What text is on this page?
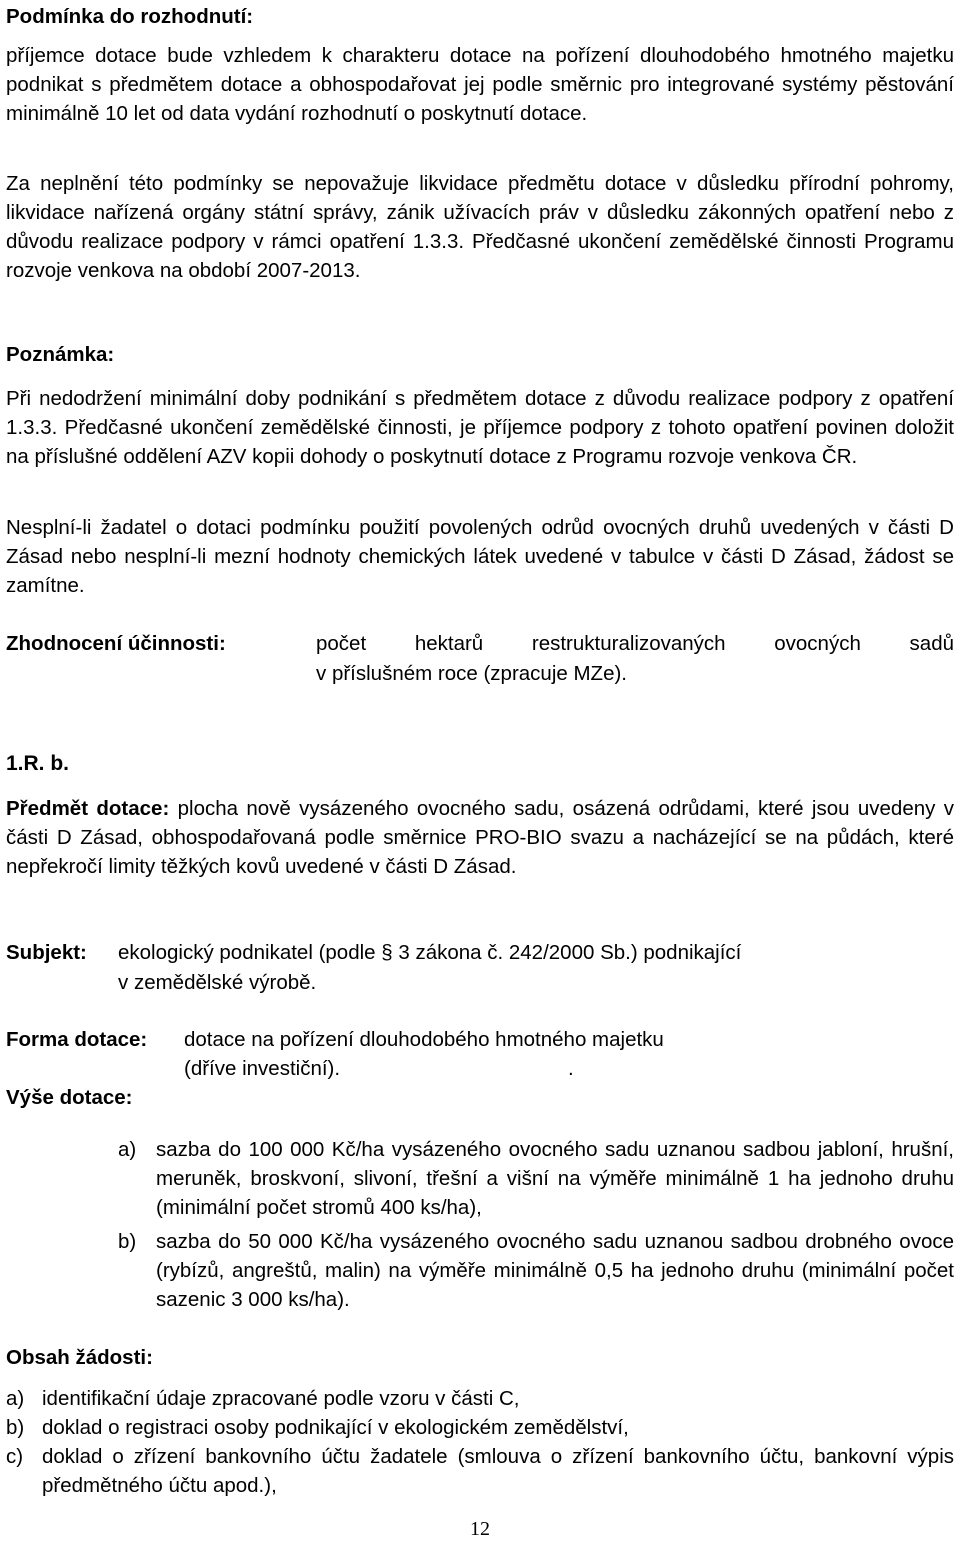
Podmínka do rozhodnutí:
příjemce dotace bude vzhledem k charakteru dotace na pořízení dlouhodobého hmotného majetku podnikat s předmětem dotace a obhospodařovat jej podle směrnic pro integrované systémy pěstování minimálně 10 let od data vydání rozhodnutí o poskytnutí dotace.
Za neplnění této podmínky se nepovažuje likvidace předmětu dotace v důsledku přírodní pohromy, likvidace nařízená orgány státní správy, zánik užívacích práv v důsledku zákonných opatření nebo z důvodu realizace podpory v rámci opatření 1.3.3. Předčasné ukončení zemědělské činnosti Programu rozvoje venkova na období 2007-2013.
Poznámka:
Při nedodržení minimální doby podnikání s předmětem dotace z důvodu realizace podpory z opatření 1.3.3. Předčasné ukončení zemědělské činnosti, je příjemce podpory z tohoto opatření povinen doložit na příslušné oddělení AZV kopii dohody o poskytnutí dotace z Programu rozvoje venkova ČR.
Nesplní-li žadatel o dotaci podmínku použití povolených odrůd ovocných druhů uvedených v části D Zásad nebo nesplní-li mezní hodnoty chemických látek uvedené v tabulce v části D Zásad, žádost se zamítne.
Zhodnocení účinnosti:	počet hektarů restrukturalizovaných ovocných sadů
v příslušném roce (zpracuje MZe).
1.R. b.
Předmět dotace: plocha nově vysázeného ovocného sadu, osázená odrůdami, které jsou uvedeny v části D Zásad, obhospodařovaná podle směrnice PRO-BIO svazu a nacházející se na půdách, které nepřekročí limity těžkých kovů uvedené v části D Zásad.
Subjekt: ekologický podnikatel (podle § 3 zákona č. 242/2000 Sb.) podnikající
v zemědělské výrobě.
Forma dotace: dotace na pořízení dlouhodobého hmotného majetku
(dříve investiční).	.
Výše dotace:
a) sazba do 100 000 Kč/ha vysázeného ovocného sadu uznanou sadbou jabloní, hrušní, meruněk, broskvoní, slivoní, třešní a višní na výměře minimálně 1 ha jednoho druhu (minimální počet stromů 400 ks/ha),
b) sazba do 50 000 Kč/ha vysázeného ovocného sadu uznanou sadbou drobného ovoce (rybízů, angreštů, malin) na výměře minimálně 0,5 ha jednoho druhu (minimální počet sazenic 3 000 ks/ha).
Obsah žádosti:
a) identifikační údaje zpracované podle vzoru v části C,
b) doklad o registraci osoby podnikající v ekologickém zemědělství,
c) doklad o zřízení bankovního účtu žadatele (smlouva o zřízení bankovního účtu, bankovní výpis předmětného účtu apod.),
12
